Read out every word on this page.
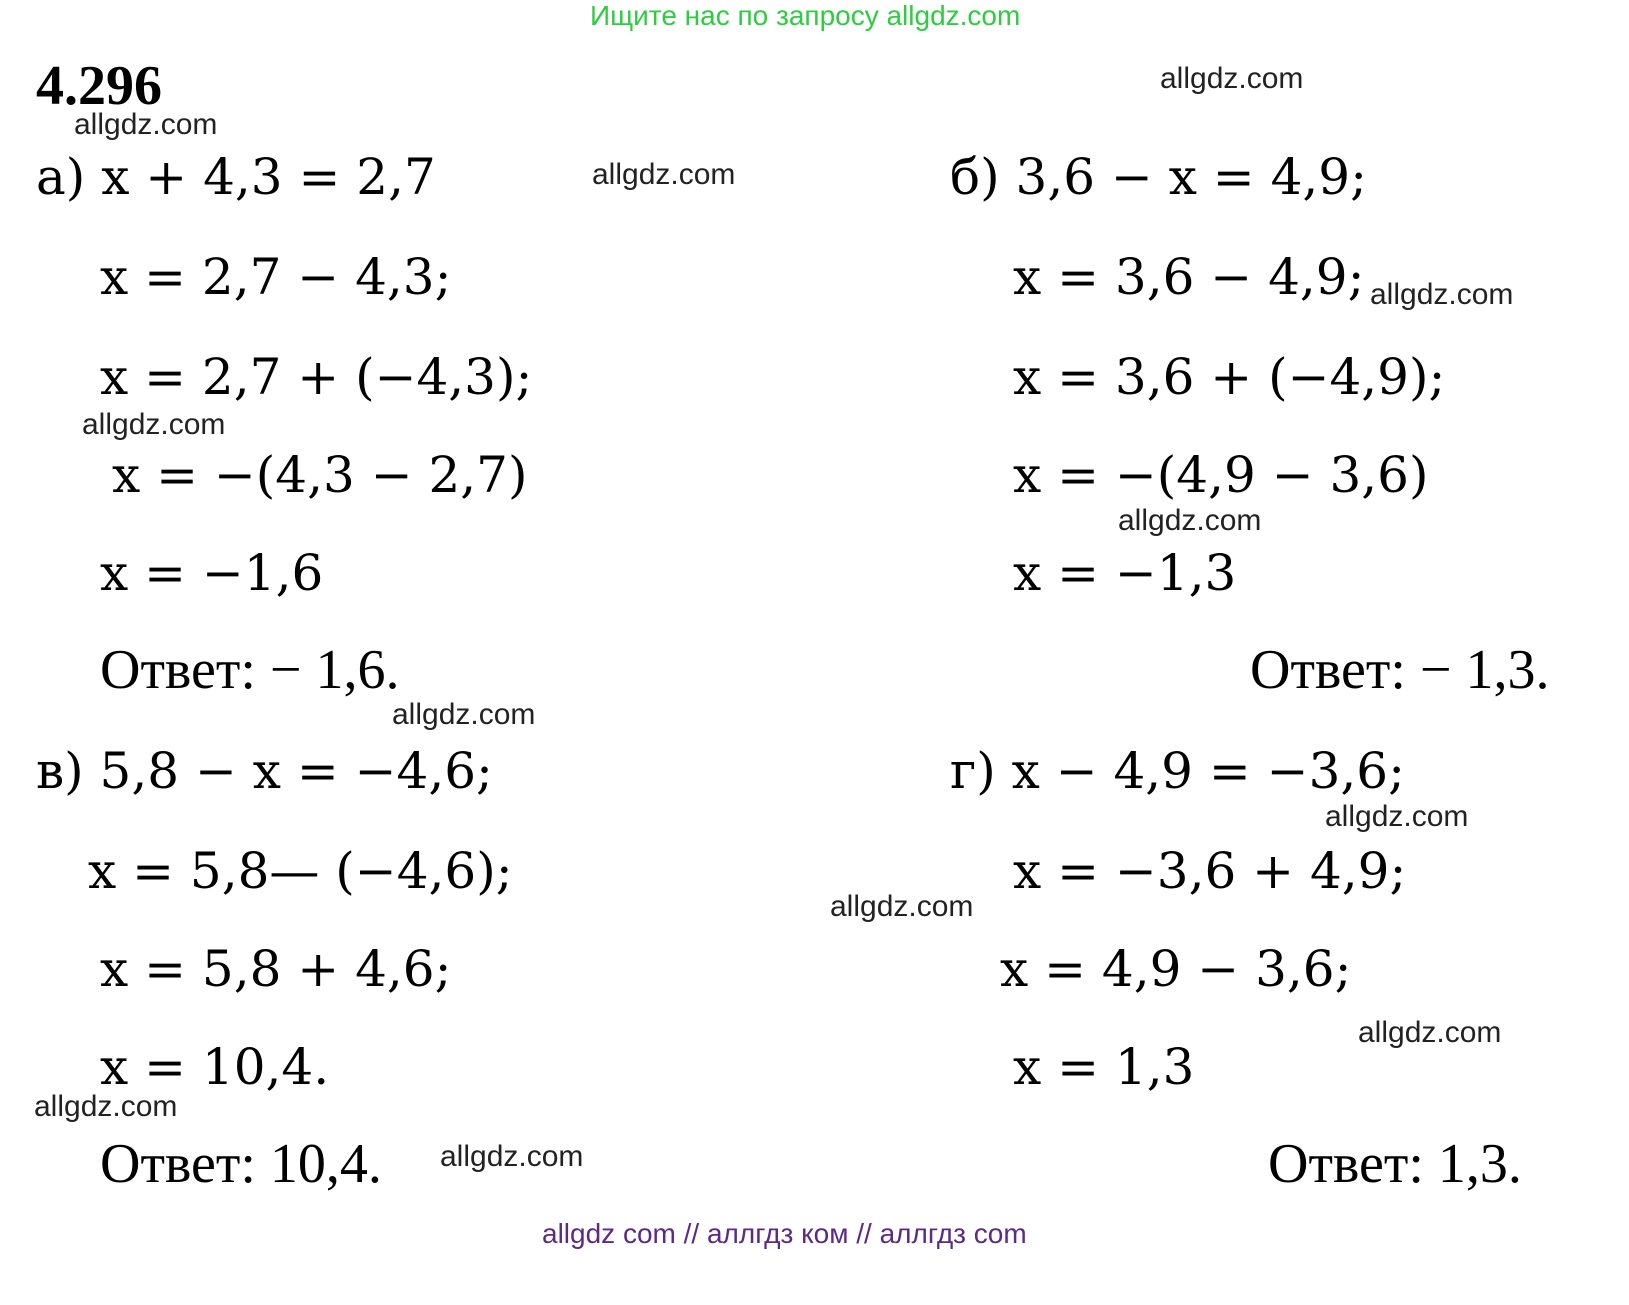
Ищите нас по запросу allgdz.com
4.296
а) x + 4,3 = 2,7
x = 2,7 − 4,3;
x = 2,7 + (−4,3);
x = −(4,3 − 2,7)
x = −1,6
Ответ: − 1,6.
б) 3,6 − x = 4,9;
x = 3,6 − 4,9;
x = 3,6 + (−4,9);
x = −(4,9 − 3,6)
x = −1,3
Ответ: − 1,3.
в) 5,8 − x = −4,6;
x = 5,8— (−4,6);
x = 5,8 + 4,6;
x = 10,4.
Ответ: 10,4.
г) x − 4,9 = −3,6;
x = −3,6 + 4,9;
x = 4,9 − 3,6;
x = 1,3
Ответ: 1,3.
allgdz.com
allgdz.com
allgdz.com
allgdz.com
allgdz.com
allgdz.com
allgdz.com
allgdz.com
allgdz.com
allgdz.com
allgdz.com
allgdz.com
allgdz com // аллгдз ком // аллгдз com
